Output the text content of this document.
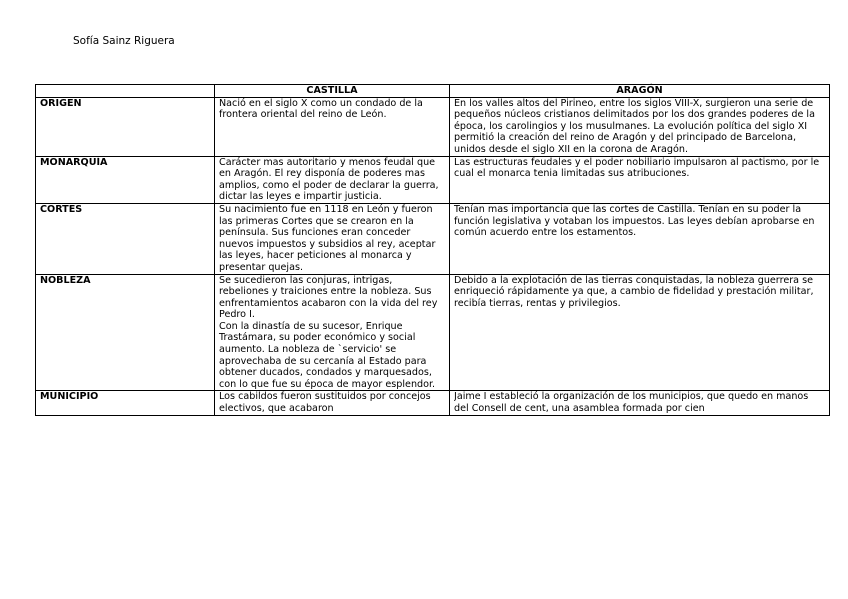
Sofía Sainz Riguera
	CASTILLA	ARAGÓN
ORIGEN	Nació en el siglo X como un condado de la frontera oriental del reino de León.	En los valles altos del Pirineo, entre los siglos VIII-X, surgieron una serie de pequeños núcleos cristianos delimitados por los dos grandes poderes de la época, los carolingios y los musulmanes. La evolución política del siglo XI permitió la creación del reino de Aragón y del principado de Barcelona, unidos desde el siglo XII en la corona de Aragón.
MONARQUÍA	Carácter mas autoritario y menos feudal que en Aragón. El rey disponía de poderes mas amplios, como el poder de declarar la guerra, dictar las leyes e impartir justicia.	Las estructuras feudales y el poder nobiliario impulsaron al pactismo, por le cual el monarca tenia limitadas sus atribuciones.
CORTES	Su nacimiento fue en 1118 en León y fueron las primeras Cortes que se crearon en la península. Sus funciones eran conceder nuevos impuestos y subsidios al rey, aceptar las leyes, hacer peticiones al monarca y presentar quejas.	Tenían mas importancia que las cortes de Castilla. Tenían en su poder la función legislativa y votaban los impuestos. Las leyes debían aprobarse en común acuerdo entre los estamentos.
NOBLEZA	Se sucedieron las conjuras, intrigas, rebeliones y traiciones entre la nobleza. Sus enfrentamientos acabaron con la vida del rey Pedro I.
Con la dinastía de su sucesor, Enrique Trastámara, su poder económico y social aumento. La nobleza de `servicio' se aprovechaba de su cercanía al Estado para obtener ducados, condados y marquesados, con lo que fue su época de mayor esplendor.	Debido a la explotación de las tierras conquistadas, la nobleza guerrera se enriqueció rápidamente ya que, a cambio de fidelidad y prestación militar, recibía tierras, rentas y privilegios.
MUNICIPIO	Los cabildos fueron sustituidos por concejos electivos, que acabaron	Jaime I estableció la organización de los municipios, que quedo en manos del Consell de cent, una asamblea formada por cien
